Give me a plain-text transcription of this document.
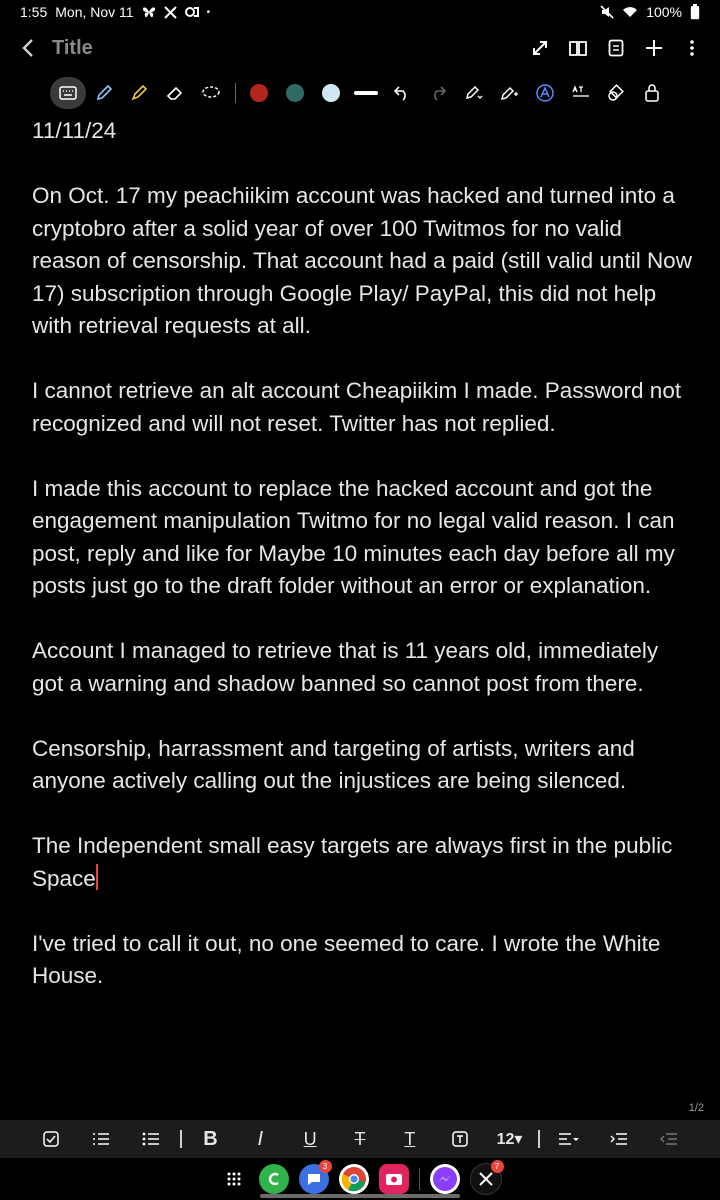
1:55 Mon, Nov 11	•	100%
Title

11/11/24

On Oct. 17 my peachiikim account was hacked and turned into a cryptobro after a solid year of over 100 Twitmos for no valid reason of censorship. That account had a paid (still valid until Now 17) subscription through Google Play/ PayPal, this did not help with retrieval requests at all.

I cannot retrieve an alt account Cheapiikim I made. Password not recognized and will not reset. Twitter has not replied.

I made this account to replace the hacked account and got the engagement manipulation Twitmo for no legal valid reason. I can post, reply and like for Maybe 10 minutes each day before all my posts just go to the draft folder without an error or explanation.

Account I managed to retrieve that is 11 years old, immediately got a warning and shadow banned so cannot post from there.

Censorship, harrassment and targeting of artists, writers and anyone actively calling out the injustices are being silenced.

The Independent small easy targets are always first in the public Space

I've tried to call it out, no one seemed to care. I wrote the White House.

1/2
B	I	U	T	T	12▾
3	7
